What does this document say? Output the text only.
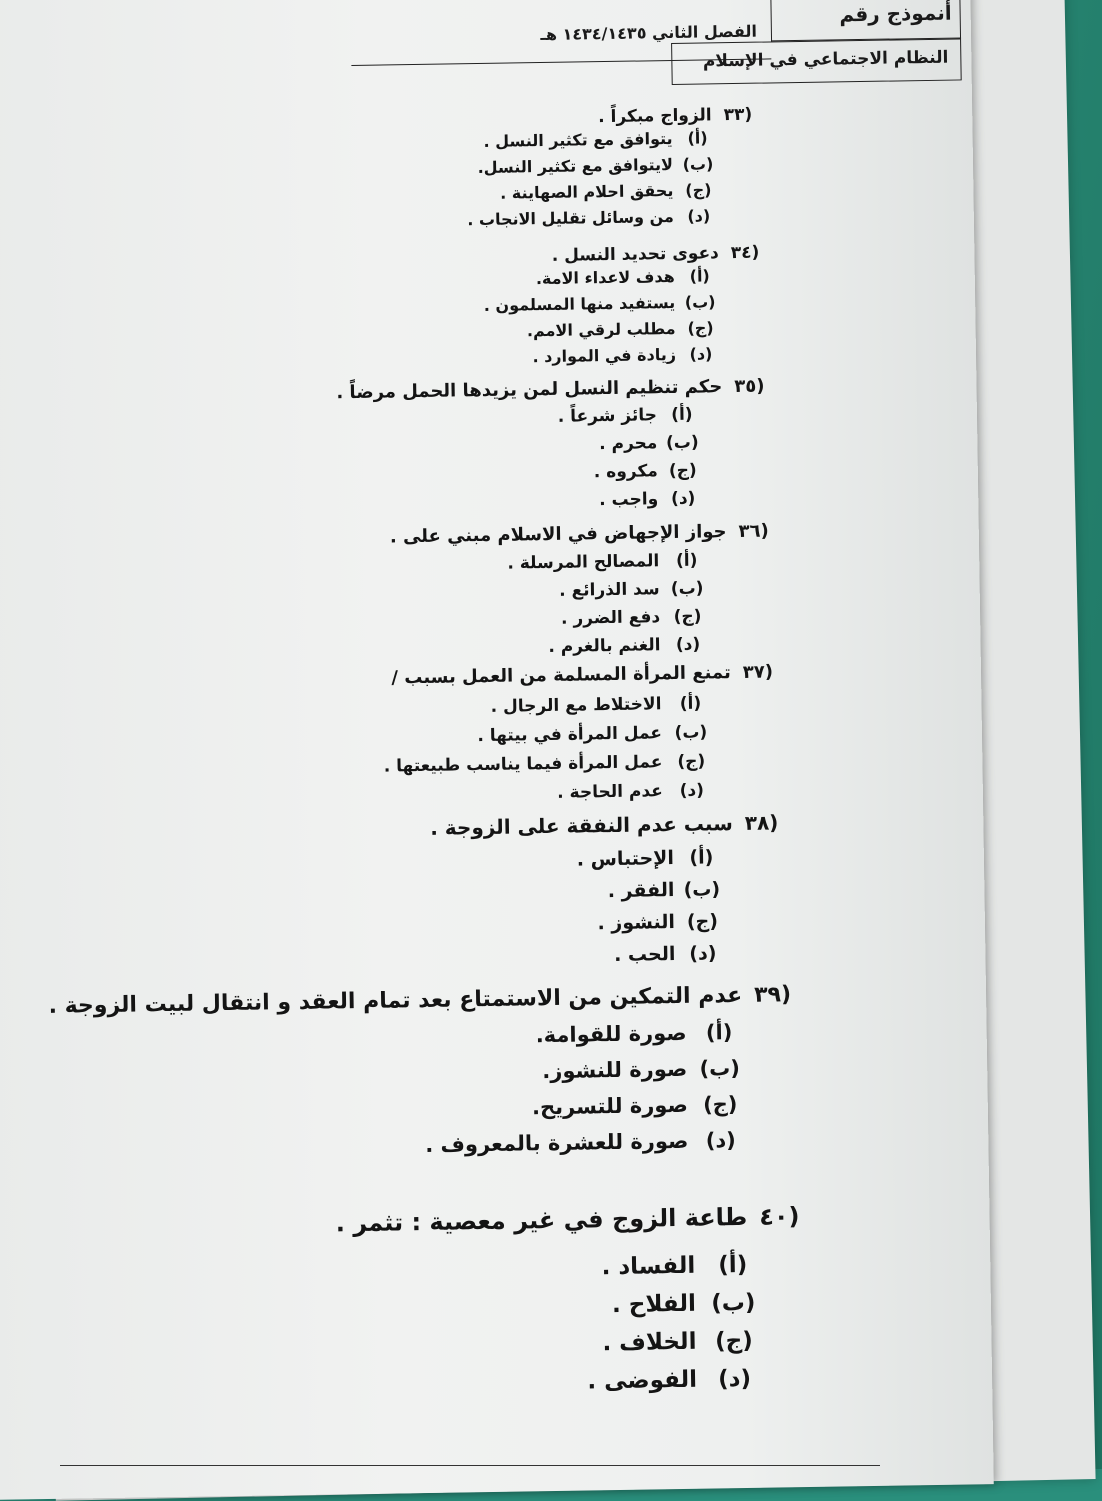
أنموذج رقم
الفصل الثاني ١٤٣٤/١٤٣٥ هـ
النظام الاجتماعي في الإسلام
(٣٣
الزواج مبكراً .
(أ)
يتوافق مع تكثير النسل .
(ب)
لايتوافق مع تكثير النسل.
(ج)
يحقق احلام الصهاينة .
(د)
من وسائل تقليل الانجاب .
(٣٤
دعوى تحديد النسل .
(أ)
هدف لاعداء الامة.
(ب)
يستفيد منها المسلمون .
(ج)
مطلب لرقي الامم.
(د)
زيادة في الموارد .
(٣٥
حكم تنظيم النسل لمن يزيدها الحمل مرضاً .
(أ)
جائز شرعاً .
(ب)
محرم .
(ج)
مكروه .
(د)
واجب .
(٣٦
جواز الإجهاض في الاسلام مبني على .
(أ)
المصالح المرسلة .
(ب)
سد الذرائع .
(ج)
دفع الضرر .
(د)
الغنم بالغرم .
(٣٧
تمنع المرأة المسلمة من العمل بسبب /
(أ)
الاختلاط مع الرجال .
(ب)
عمل المرأة في بيتها .
(ج)
عمل المرأة فيما يناسب طبيعتها .
(د)
عدم الحاجة .
(٣٨
سبب عدم النفقة على الزوجة .
(أ)
الإحتباس .
(ب)
الفقر .
(ج)
النشوز .
(د)
الحب .
(٣٩
عدم التمكين من الاستمتاع بعد تمام العقد و انتقال لبيت الزوجة .
(أ)
صورة للقوامة.
(ب)
صورة للنشوز.
(ج)
صورة للتسريح.
(د)
صورة للعشرة بالمعروف .
(٤٠
طاعة الزوج في غير معصية : تثمر .
(أ)
الفساد .
(ب)
الفلاح .
(ج)
الخلاف .
(د)
الفوضى .
